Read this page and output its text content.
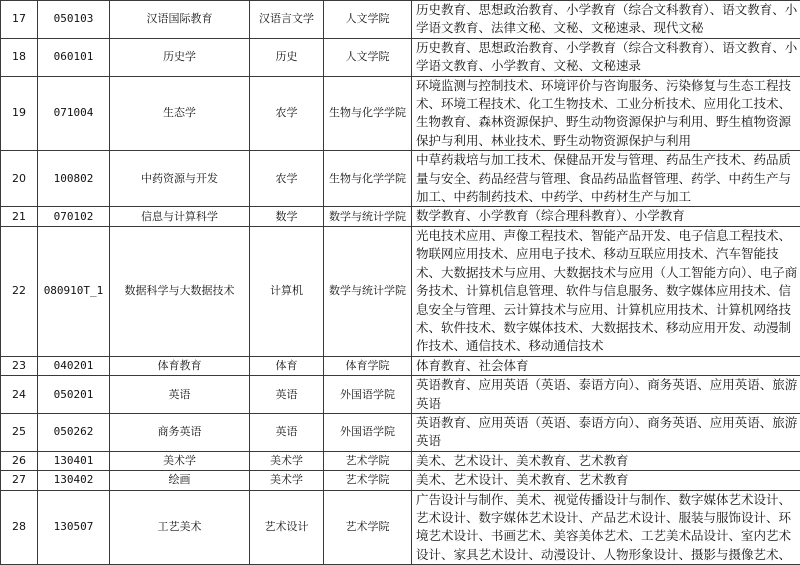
17	050103	汉语国际教育	汉语言文学	人文学院	历史教育、思想政治教育、小学教育（综合文科教育）、语文教育、小学语文教育、法律文秘、文秘、文秘速录、现代文秘
18	060101	历史学	历史	人文学院	历史教育、思想政治教育、小学教育（综合文科教育）、语文教育、小学语文教育、小学教育、文秘、文秘速录
19	071004	生态学	农学	生物与化学学院	环境监测与控制技术、环境评价与咨询服务、污染修复与生态工程技术、环境工程技术、化工生物技术、工业分析技术、应用化工技术、生物教育、森林资源保护、野生动物资源保护与利用、野生植物资源保护与利用、林业技术、野生动物资源保护与利用
20	100802	中药资源与开发	农学	生物与化学学院	中草药栽培与加工技术、保健品开发与管理、药品生产技术、药品质量与安全、药品经营与管理、食品药品监督管理、药学、中药生产与加工、中药制药技术、中药学、中药材生产与加工
21	070102	信息与计算科学	数学	数学与统计学院	数学教育、小学教育（综合理科教育）、小学教育
22	080910T_1	数据科学与大数据技术	计算机	数学与统计学院	光电技术应用、声像工程技术、智能产品开发、电子信息工程技术、物联网应用技术、应用电子技术、移动互联应用技术、汽车智能技术、大数据技术与应用、大数据技术与应用（人工智能方向）、电子商务技术、计算机信息管理、软件与信息服务、数字媒体应用技术、信息安全与管理、云计算技术与应用、计算机应用技术、计算机网络技术、软件技术、数字媒体技术、大数据技术、移动应用开发、动漫制作技术、通信技术、移动通信技术
23	040201	体育教育	体育	体育学院	体育教育、社会体育
24	050201	英语	英语	外国语学院	英语教育、应用英语（英语、泰语方向）、商务英语、应用英语、旅游英语
25	050262	商务英语	英语	外国语学院	英语教育、应用英语（英语、泰语方向）、商务英语、应用英语、旅游英语
26	130401	美术学	美术学	艺术学院	美术、艺术设计、美术教育、艺术教育
27	130402	绘画	美术学	艺术学院	美术、艺术设计、美术教育、艺术教育
28	130507	工艺美术	艺术设计	艺术学院	广告设计与制作、美术、视觉传播设计与制作、数字媒体艺术设计、艺术设计、数字媒体艺术设计、产品艺术设计、服装与服饰设计、环境艺术设计、书画艺术、美容美体艺术、工艺美术品设计、室内艺术设计、家具艺术设计、动漫设计、人物形象设计、摄影与摄像艺术、
